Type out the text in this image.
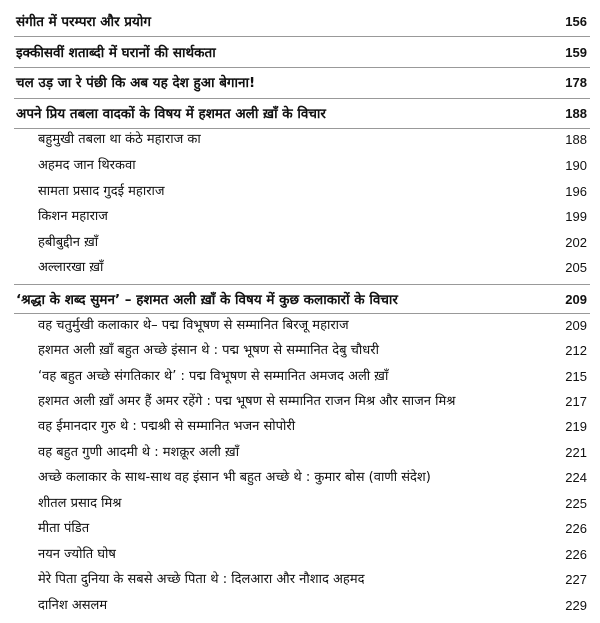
संगीत में परम्परा और प्रयोग	156
इक्कीसवीं शताब्दी में घरानों की सार्थकता	159
चल उड़ जा रे पंछी कि अब यह देश हुआ बेगाना!	178
अपने प्रिय तबला वादकों के विषय में हशमत अली ख़ाँ के विचार	188
बहुमुखी तबला था कंठे महाराज का	188
अहमद जान थिरकवा	190
सामता प्रसाद गुदई महाराज	196
किशन महाराज	199
हबीबुद्दीन ख़ाँ	202
अल्लारखा ख़ाँ	205
‘श्रद्धा के शब्द सुमन’ – हशमत अली ख़ाँ के विषय में कुछ कलाकारों के विचार	209
वह चतुर्मुखी कलाकार थे– पद्म विभूषण से सम्मानित बिरजू महाराज	209
हशमत अली ख़ाँ बहुत अच्छे इंसान थे : पद्म भूषण से सम्मानित देबु चौधरी	212
‘वह बहुत अच्छे संगतिकार थे’ : पद्म विभूषण से सम्मानित अमजद अली ख़ाँ	215
हशमत अली ख़ाँ अमर हैं अमर रहेंगे : पद्म भूषण से सम्मानित राजन मिश्र और साजन मिश्र	217
वह ईमानदार गुरु थे : पद्मश्री से सम्मानित भजन सोपोरी	219
वह बहुत गुणी आदमी थे : मशक़ूर अली ख़ाँ	221
अच्छे कलाकार के साथ-साथ वह इंसान भी बहुत अच्छे थे : कुमार बोस (वाणी संदेश)	224
शीतल प्रसाद मिश्र	225
मीता पंडित	226
नयन ज्योति घोष	226
मेरे पिता दुनिया के सबसे अच्छे पिता थे : दिलआरा और नौशाद अहमद	227
दानिश असलम	229
